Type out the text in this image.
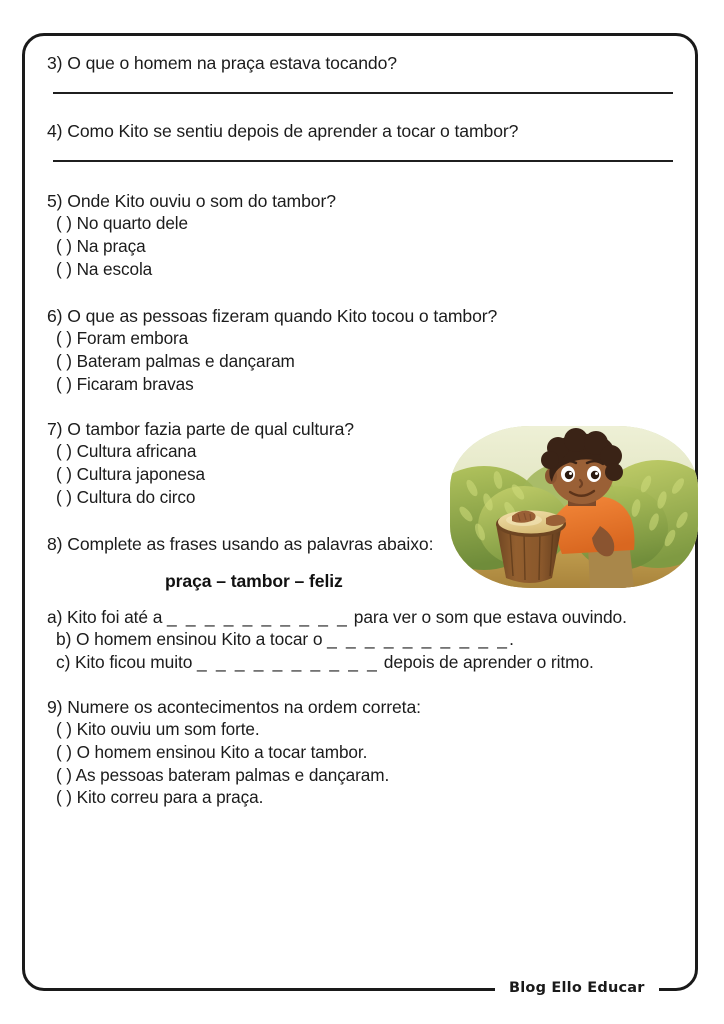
3) O que o homem na praça estava tocando?
4) Como Kito se sentiu depois de aprender a tocar o tambor?
5) Onde Kito ouviu o som do tambor?
( ) No quarto dele
( ) Na praça
( ) Na escola
6) O que as pessoas fizeram quando Kito tocou o tambor?
( ) Foram embora
( ) Bateram palmas e dançaram
( ) Ficaram bravas
7) O tambor fazia parte de qual cultura?
( ) Cultura africana
( ) Cultura japonesa
( ) Cultura do circo
8) Complete as frases usando as palavras abaixo:
praça – tambor – feliz
a) Kito foi até a _ _ _ _ _ _ _ _ _ _ para ver o som que estava ouvindo.
b) O homem ensinou Kito a tocar o _ _ _ _ _ _ _ _ _ _.
c) Kito ficou muito _ _ _ _ _ _ _ _ _ _ depois de aprender o ritmo.
9) Numere os acontecimentos na ordem correta:
( ) Kito ouviu um som forte.
( ) O homem ensinou Kito a tocar tambor.
( ) As pessoas bateram palmas e dançaram.
( ) Kito correu para a praça.
Blog Ello Educar
